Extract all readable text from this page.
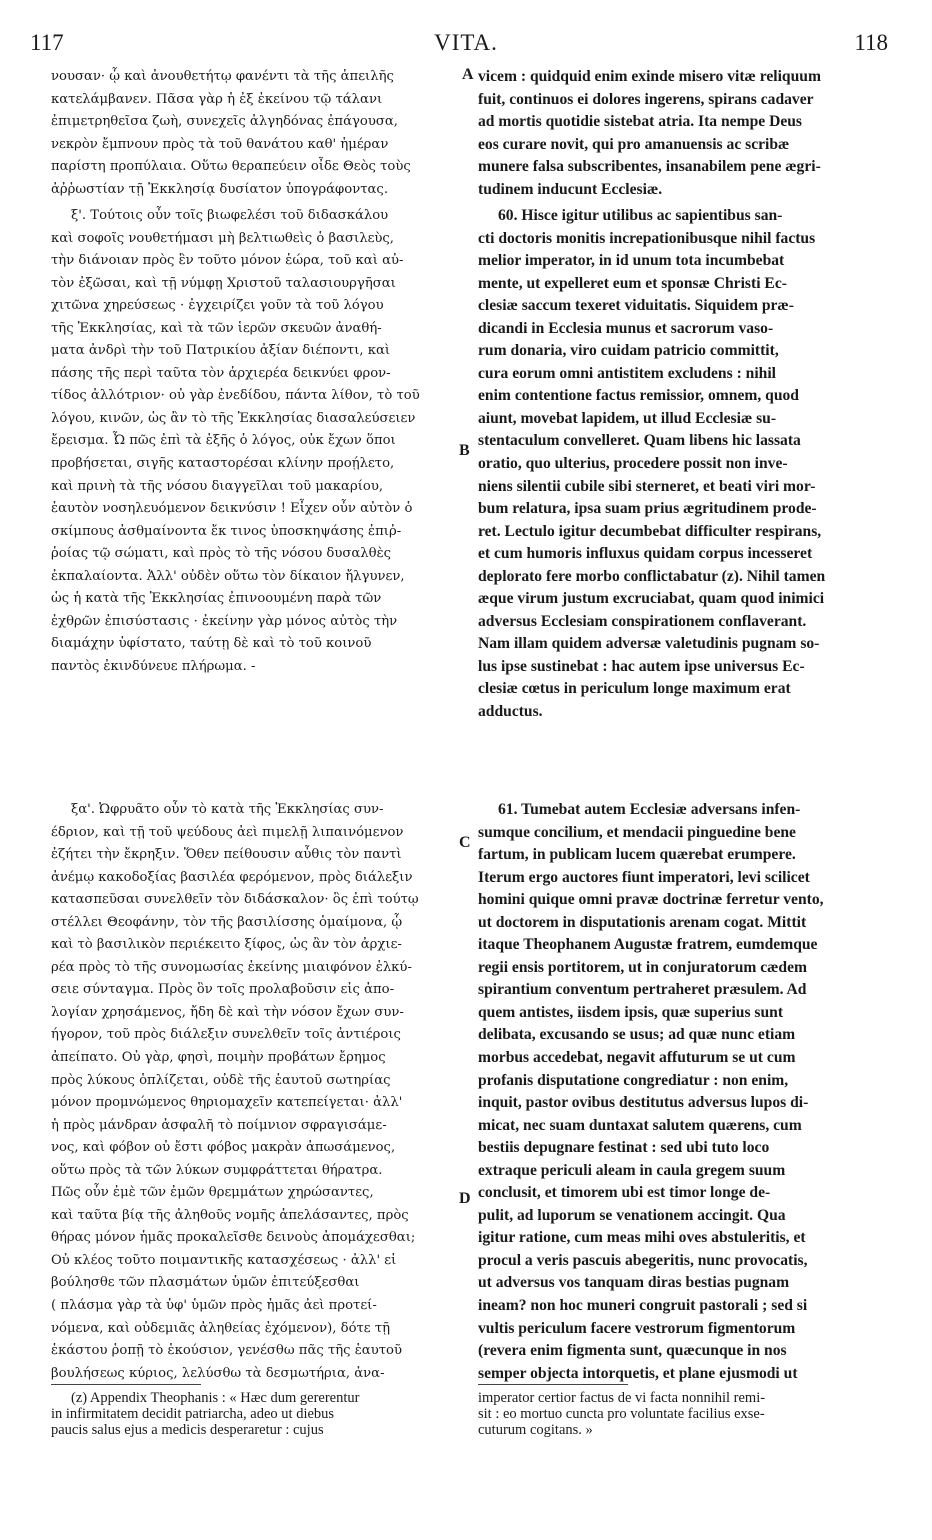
117	VITA.	118
νουσαν· ᾧ καὶ ἀνουθετήτῳ φανέντι τὰ τῆς ἀπειλῆς
κατελάμβανεν. Πᾶσα γὰρ ἡ ἐξ ἐκείνου τῷ τάλανι
ἐπιμετρηθεῖσα ζωὴ, συνεχεῖς ἀλγηδόνας ἐπάγουσα,
νεκρὸν ἔμπνουν πρὸς τὰ τοῦ θανάτου καθ' ἡμέραν
παρίστη προπύλαια. Οὕτω θεραπεύειν οἶδε Θεὸς τοὺς
ἀῤῥωστίαν τῇ Ἐκκλησίᾳ δυσίατον ὑπογράφοντας.
ξ'. Τούτοις οὖν τοῖς βιωφελέσι τοῦ διδασκάλου
καὶ σοφοῖς νουθετήμασι μὴ βελτιωθεὶς ὁ βασιλεὺς,
τὴν διάνοιαν πρὸς ἓν τοῦτο μόνον ἑώρα, τοῦ καὶ αὐ-
τὸν ἐξῶσαι, καὶ τῇ νύμφῃ Χριστοῦ ταλασιουργῆσαι
χιτῶνα χηρεύσεως · ἐγχειρίζει γοῦν τὰ τοῦ λόγου
τῆς Ἐκκλησίας, καὶ τὰ τῶν ἱερῶν σκευῶν ἀναθή-
ματα ἀνδρὶ τὴν τοῦ Πατρικίου ἀξίαν διέποντι, καὶ
πάσης τῆς περὶ ταῦτα τὸν ἀρχιερέα δεικνύει φρον-
τίδος ἀλλότριον· οὐ γὰρ ἐνεδίδου, πάντα λίθον, τὸ τοῦ
λόγου, κινῶν, ὡς ἂν τὸ τῆς Ἐκκλησίας διασαλεύσειεν
ἔρεισμα. Ὦ πῶς ἐπὶ τὰ ἑξῆς ὁ λόγος, οὐκ ἔχων ὅποι
προβήσεται, σιγῆς καταστορέσαι κλίνην προῄλετο,
καὶ πρινὴ τὰ τῆς νόσου διαγγεῖλαι τοῦ μακαρίου,
ἑαυτὸν νοσηλευόμενον δεικνύσιν ! Εἶχεν οὖν αὐτὸν ὁ
σκίμπους ἀσθμαίνοντα ἔκ τινος ὑποσκηψάσης ἐπιῤ-
ῥοίας τῷ σώματι, καὶ πρὸς τὸ τῆς νόσου δυσαλθὲς
ἐκπαλαίοντα. Ἀλλ' οὐδὲν οὕτω τὸν δίκαιον ἤλγυνεν,
ὡς ἡ κατὰ τῆς Ἐκκλησίας ἐπινοουμένη παρὰ τῶν
ἐχθρῶν ἐπισύστασις · ἐκείνην γὰρ μόνος αὐτὸς τὴν
διαμάχην ὑφίστατο, ταύτῃ δὲ καὶ τὸ τοῦ κοινοῦ
παντὸς ἐκινδύνευε πλήρωμα. -
ξα'. Ὠφρυᾶτο οὖν τὸ κατὰ τῆς Ἐκκλησίας συν-
έδριον, καὶ τῇ τοῦ ψεύδους ἀεὶ πιμελῇ λιπαινόμενον
ἐζήτει τὴν ἔκρηξιν. Ὅθεν πείθουσιν αὖθις τὸν παντὶ
ἀνέμῳ κακοδοξίας βασιλέα φερόμενον, πρὸς διάλεξιν
κατασπεῦσαι συνελθεῖν τὸν διδάσκαλον· ὃς ἐπὶ τούτῳ
στέλλει Θεοφάνην, τὸν τῆς βασιλίσσης ὁμαίμονα, ᾧ
καὶ τὸ βασιλικὸν περιέκειτο ξίφος, ὡς ἂν τὸν ἀρχιε-
ρέα πρὸς τὸ τῆς συνομωσίας ἐκείνης μιαιφόνον ἑλκύ-
σειε σύνταγμα. Πρὸς ὃν τοῖς προλαβοῦσιν εἰς ἀπο-
λογίαν χρησάμενος, ἤδη δὲ καὶ τὴν νόσον ἔχων συν-
ήγορον, τοῦ πρὸς διάλεξιν συνελθεῖν τοῖς ἀντιέροις
ἀπείπατο. Οὐ γὰρ, φησὶ, ποιμὴν προβάτων ἔρημος
πρὸς λύκους ὁπλίζεται, οὐδὲ τῆς ἑαυτοῦ σωτηρίας
μόνον προμνώμενος θηριομαχεῖν κατεπείγεται· ἀλλ'
ἡ πρὸς μάνδραν ἀσφαλῆ τὸ ποίμνιον σφραγισάμε-
νος, καὶ φόβον οὐ ἔστι φόβος μακρὰν ἀπωσάμενος,
οὕτω πρὸς τὰ τῶν λύκων συμφράττεται θήρατρα.
Πῶς οὖν ἐμὲ τῶν ἐμῶν θρεμμάτων χηρώσαντες,
καὶ ταῦτα βίᾳ τῆς ἀληθοῦς νομῆς ἀπελάσαντες, πρὸς
θήρας μόνον ἡμᾶς προκαλεῖσθε δεινοὺς ἀπομάχεσθαι;
Οὐ κλέος τοῦτο ποιμαντικῆς κατασχέσεως · ἀλλ' εἰ
βούλησθε τῶν πλασμάτων ὑμῶν ἐπιτεύξεσθαι
( πλάσμα γὰρ τὰ ὑφ' ὑμῶν πρὸς ἡμᾶς ἀεὶ προτεί-
νόμενα, καὶ οὐδεμιᾶς ἀληθείας ἐχόμενον), δότε τῇ
ἑκάστου ῥοπῇ τὸ ἑκούσιον, γενέσθω πᾶς τῆς ἑαυτοῦ
βουλήσεως κύριος, λελύσθω τὰ δεσμωτήρια, ἀνα-
vicem : quidquid enim exinde misero vitæ reliquum
fuit, continuos ei dolores ingerens, spirans cadaver
ad mortis quotidie sistebat atria. Ita nempe Deus
eos curare novit, qui pro amanuensis ac scribæ
munere falsa subscribentes, insanabilem pene ægri-
tudinem inducunt Ecclesiæ.
60. Hisce igitur utilibus ac sapientibus san-
cti doctoris monitis increpationibusque nihil factus
melior imperator, in id unum tota incumbebat
mente, ut expelleret eum et sponsæ Christi Ec-
clesiæ saccum texeret viduitatis. Siquidem præ-
dicandi in Ecclesia munus et sacrorum vaso-
rum donaria, viro cuidam patricio committit,
cura eorum omni antistitem excludens : nihil
enim contentione factus remissior, omnem, quod
aiunt, movebat lapidem, ut illud Ecclesiæ su-
stentaculum convelleret. Quam libens hic lassata
oratio, quo ulterius, procedere possit non inve-
niens silentii cubile sibi sterneret, et beati viri mor-
bum relatura, ipsa suam prius ægritudinem prode-
ret. Lectulo igitur decumbebat difficulter respirans,
et cum humoris influxus quidam corpus incesseret
deplorato fere morbo conflictabatur (z). Nihil tamen
æque virum justum excruciabat, quam quod inimici
adversus Ecclesiam conspirationem conflaverant.
Nam illam quidem adversæ valetudinis pugnam so-
lus ipse sustinebat : hac autem ipse universus Ec-
clesiæ cœtus in periculum longe maximum erat
adductus.
61. Tumebat autem Ecclesiæ adversans infen-
sumque concilium, et mendacii pinguedine bene
fartum, in publicam lucem quærebat erumpere.
Iterum ergo auctores fiunt imperatori, levi scilicet
homini quique omni pravæ doctrinæ ferretur vento,
ut doctorem in disputationis arenam cogat. Mittit
itaque Theophanem Augustæ fratrem, eumdemque
regii ensis portitorem, ut in conjuratorum cædem
spirantium conventum pertraheret præsulem. Ad
quem antistes, iisdem ipsis, quæ superius sunt
delibata, excusando se usus; ad quæ nunc etiam
morbus accedebat, negavit affuturum se ut cum
profanis disputatione congrediatur : non enim,
inquit, pastor ovibus destitutus adversus lupos di-
micat, nec suam duntaxat salutem quærens, cum
bestiis depugnare festinat : sed ubi tuto loco
extraque periculi aleam in caula gregem suum
conclusit, et timorem ubi est timor longe de-
pulit, ad luporum se venationem accingit. Qua
igitur ratione, cum meas mihi oves abstuleritis, et
procul a veris pascuis abegeritis, nunc provocatis,
ut adversus vos tanquam diras bestias pugnam
ineam? non hoc muneri congruit pastorali ; sed si
vultis periculum facere vestrorum figmentorum
(revera enim figmenta sunt, quæcunque in nos
semper objecta intorquetis, et plane ejusmodi ut
A
B
C
D
(z) Appendix Theophanis : « Hæc dum gererentur
in infirmitatem decidit patriarcha, adeo ut diebus
paucis salus ejus a medicis desperaretur : cujus
imperator certior factus de vi facta nonnihil remi-
sit : eo mortuo cuncta pro voluntate facilius exse-
cuturum cogitans. »
